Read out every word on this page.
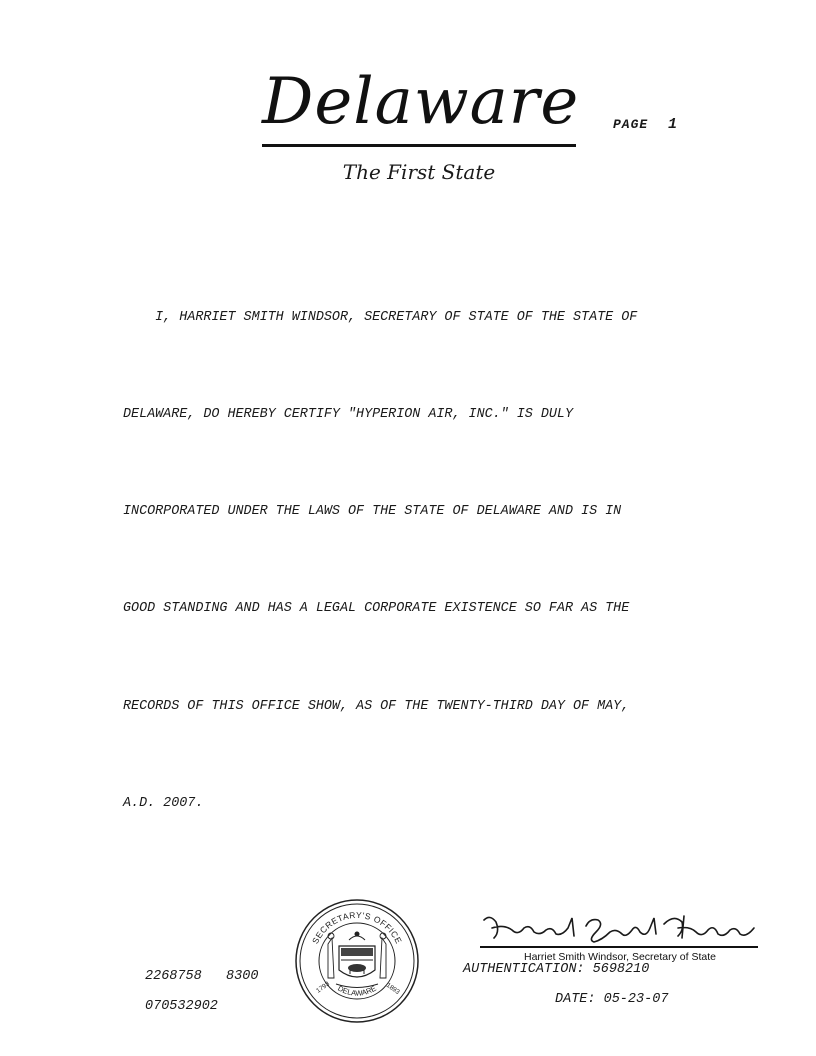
Delaware	PAGE 1
The First State

I, HARRIET SMITH WINDSOR, SECRETARY OF STATE OF THE STATE OF

DELAWARE, DO HEREBY CERTIFY "HYPERION AIR, INC." IS DULY

INCORPORATED UNDER THE LAWS OF THE STATE OF DELAWARE AND IS IN

GOOD STANDING AND HAS A LEGAL CORPORATE EXISTENCE SO FAR AS THE

RECORDS OF THIS OFFICE SHOW, AS OF THE TWENTY-THIRD DAY OF MAY,

A.D. 2007.

2268758   8300
070532902
SECRETARY'S OFFICE
DELAWARE
1793	1893
Harriet Smith Windsor, Secretary of State
AUTHENTICATION: 5698210
DATE: 05-23-07
